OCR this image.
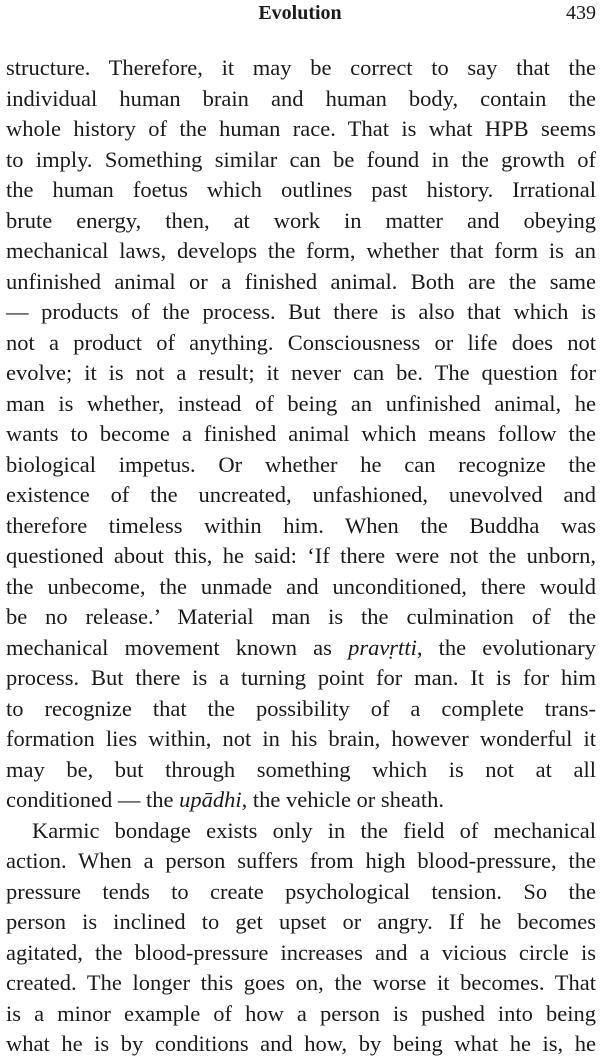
Evolution	439
structure. Therefore, it may be correct to say that the
individual human brain and human body, contain the
whole history of the human race. That is what HPB seems
to imply. Something similar can be found in the growth of
the human foetus which outlines past history. Irrational
brute energy, then, at work in matter and obeying
mechanical laws, develops the form, whether that form is an
unfinished animal or a finished animal. Both are the same
— products of the process. But there is also that which is
not a product of anything. Consciousness or life does not
evolve; it is not a result; it never can be. The question for
man is whether, instead of being an unfinished animal, he
wants to become a finished animal which means follow the
biological impetus. Or whether he can recognize the
existence of the uncreated, unfashioned, unevolved and
therefore timeless within him. When the Buddha was
questioned about this, he said: ‘If there were not the unborn,
the unbecome, the unmade and unconditioned, there would
be no release.’ Material man is the culmination of the
mechanical movement known as pravṛtti, the evolutionary
process. But there is a turning point for man. It is for him
to recognize that the possibility of a complete trans-
formation lies within, not in his brain, however wonderful it
may be, but through something which is not at all
conditioned — the upādhi, the vehicle or sheath.
Karmic bondage exists only in the field of mechanical
action. When a person suffers from high blood-pressure, the
pressure tends to create psychological tension. So the
person is inclined to get upset or angry. If he becomes
agitated, the blood-pressure increases and a vicious circle is
created. The longer this goes on, the worse it becomes. That
is a minor example of how a person is pushed into being
what he is by conditions and how, by being what he is, he
